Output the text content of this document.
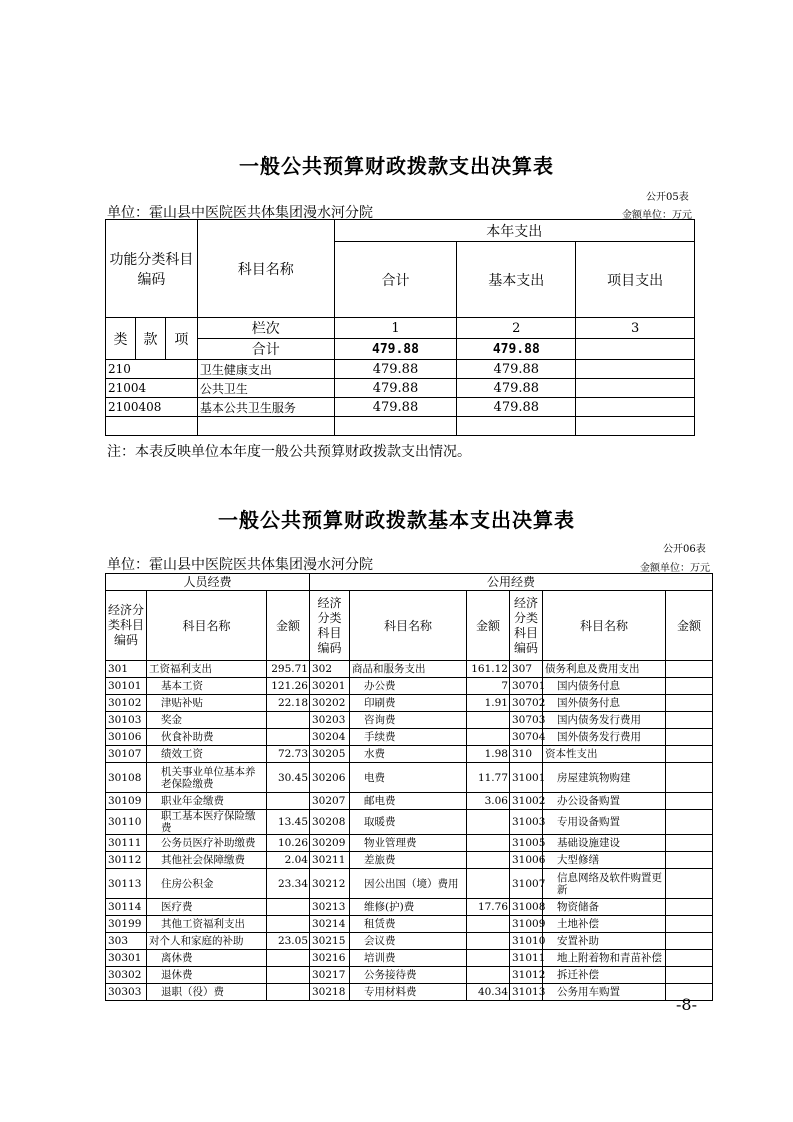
一般公共预算财政拨款支出决算表
公开05表
单位：霍山县中医院医共体集团漫水河分院	金额单位：万元
功能分类科目编码			科目名称	本年支出		
				合计	基本支出	项目支出
类	款	项	栏次	1	2	3
			合计	479.88	479.88	
210			卫生健康支出	479.88	479.88	
21004			公共卫生	479.88	479.88	
2100408			基本公共卫生服务	479.88	479.88	

注：本表反映单位本年度一般公共预算财政拨款支出情况。
一般公共预算财政拨款基本支出决算表
公开06表
单位：霍山县中医院医共体集团漫水河分院	金额单位：万元
人员经费			公用经费					
经济分类科目编码	科目名称	金额	经济分类科目编码	科目名称	金额	经济分类科目编码	科目名称	金额
301	工资福利支出	295.71	302	商品和服务支出	161.12	307	债务利息及费用支出	
30101	基本工资	121.26	30201	办公费	7	30701	国内债务付息	
30102	津贴补贴	22.18	30202	印刷费	1.91	30702	国外债务付息	
30103	奖金		30203	咨询费		30703	国内债务发行费用	
30106	伙食补助费		30204	手续费		30704	国外债务发行费用	
30107	绩效工资	72.73	30205	水费	1.98	310	资本性支出	
30108	机关事业单位基本养老保险缴费	30.45	30206	电费	11.77	31001	房屋建筑物购建	
30109	职业年金缴费		30207	邮电费	3.06	31002	办公设备购置	
30110	职工基本医疗保险缴费	13.45	30208	取暖费		31003	专用设备购置	
30111	公务员医疗补助缴费	10.26	30209	物业管理费		31005	基础设施建设	
30112	其他社会保障缴费	2.04	30211	差旅费		31006	大型修缮	
30113	住房公积金	23.34	30212	因公出国（境）费用		31007	信息网络及软件购置更新	
30114	医疗费		30213	维修(护)费	17.76	31008	物资储备	
30199	其他工资福利支出		30214	租赁费		31009	土地补偿	
303	对个人和家庭的补助	23.05	30215	会议费		31010	安置补助	
30301	离休费		30216	培训费		31011	地上附着物和青苗补偿	
30302	退休费		30217	公务接待费		31012	拆迁补偿	
30303	退职（役）费		30218	专用材料费	40.34	31013	公务用车购置	
-8-
